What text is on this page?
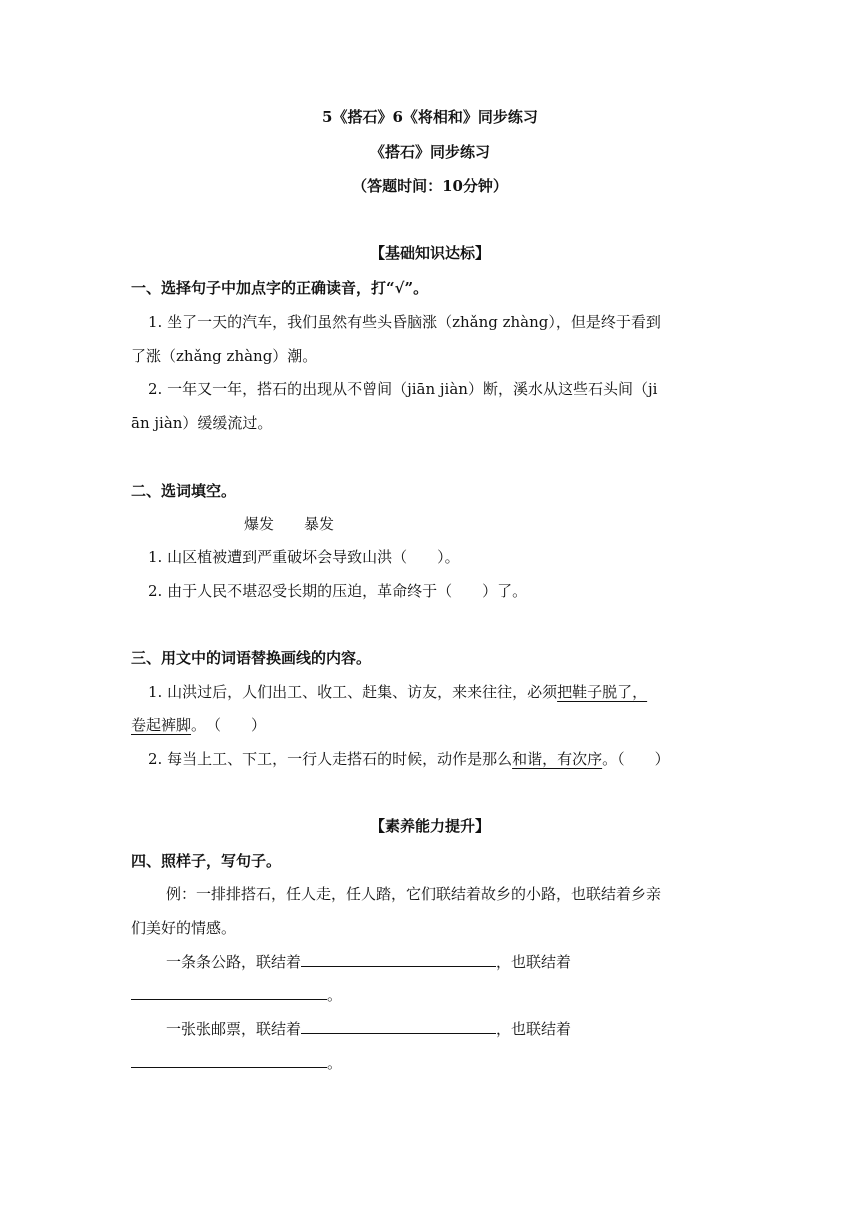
5《搭石》6《将相和》同步练习
《搭石》同步练习
（答题时间：10分钟）
【基础知识达标】
一、选择句子中加点字的正确读音，打“√”。
1. 坐了一天的汽车，我们虽然有些头昏脑涨（zhǎng zhàng），但是终于看到
了涨（zhǎng zhàng）潮。
2. 一年又一年，搭石的出现从不曾间（jiān jiàn）断，溪水从这些石头间（ji
ān jiàn）缓缓流过。
二、选词填空。
爆发　　暴发
1. 山区植被遭到严重破坏会导致山洪（　　）。
2. 由于人民不堪忍受长期的压迫，革命终于（　　）了。
三、用文中的词语替换画线的内容。
1. 山洪过后，人们出工、收工、赶集、访友，来来往往，必须把鞋子脱了，
卷起裤脚。　（　　）
2. 每当上工、下工，一行人走搭石的时候，动作是那么和谐，有次序。（　　）
【素养能力提升】
四、照样子，写句子。
例：一排排搭石，任人走，任人踏，它们联结着故乡的小路，也联结着乡亲
们美好的情感。
一条条公路，联结着	，也联结着
。
一张张邮票，联结着	，也联结着
。
